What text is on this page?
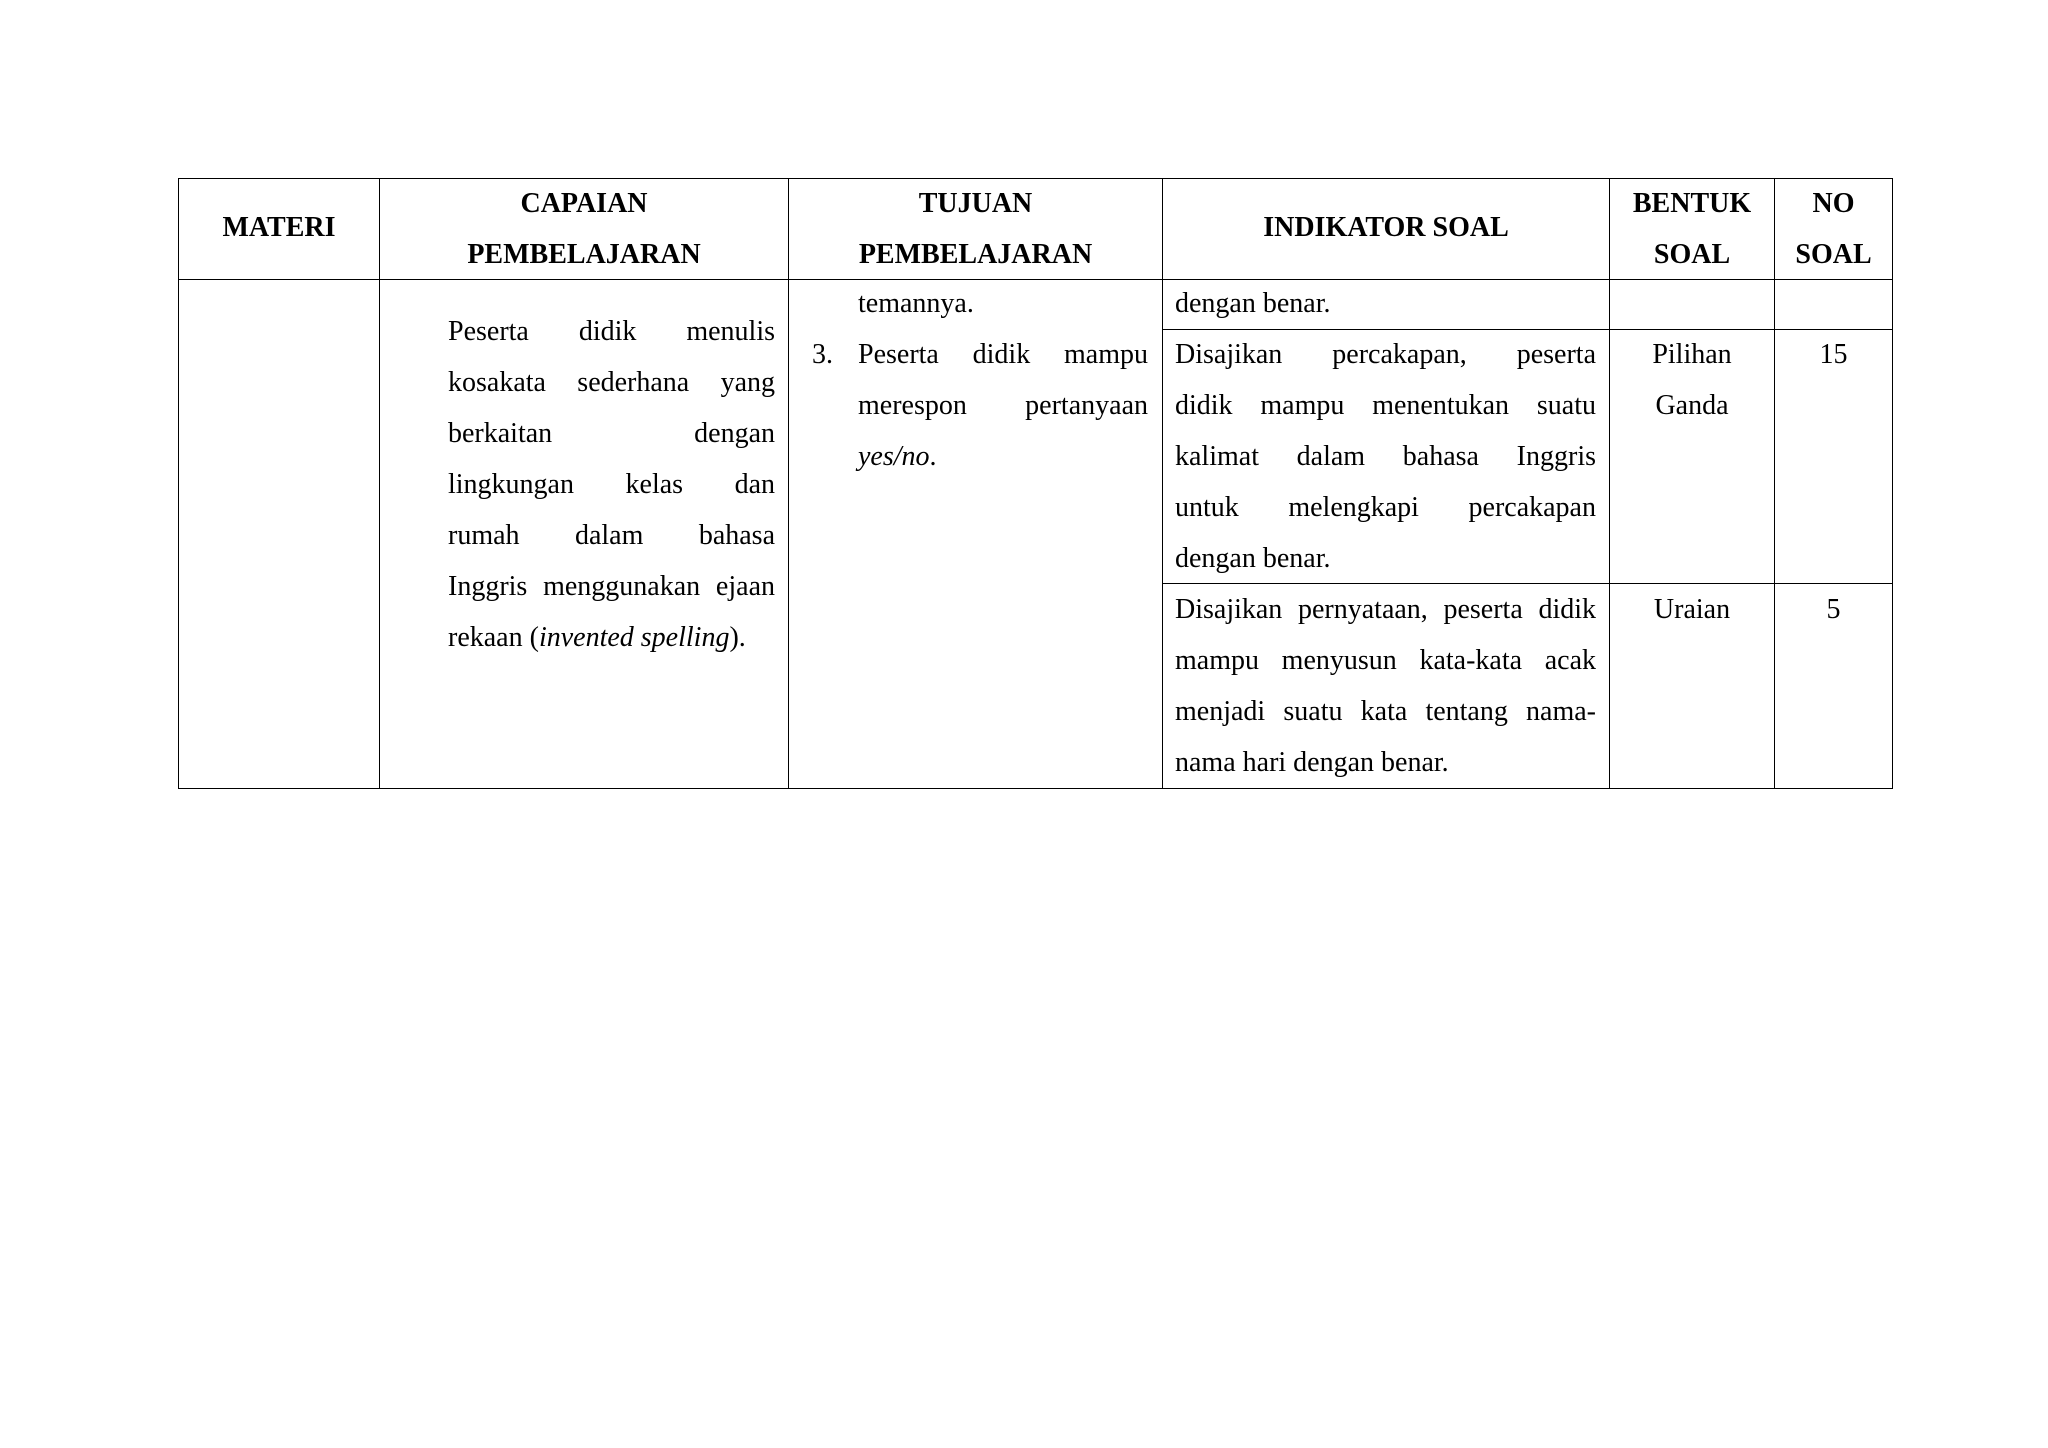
MATERI
CAPAIAN
PEMBELAJARAN
TUJUAN
PEMBELAJARAN
INDIKATOR SOAL
BENTUK
SOAL
NO
SOAL
Peserta didik menulis
kosakata sederhana yang
berkaitan dengan
lingkungan kelas dan
rumah dalam bahasa
Inggris menggunakan ejaan
rekaan (invented spelling).
temannya.
3. Peserta didik mampu
merespon pertanyaan
yes/no.
dengan benar.
Disajikan percakapan, peserta
didik mampu menentukan suatu
kalimat dalam bahasa Inggris
untuk melengkapi percakapan
dengan benar.
Pilihan
Ganda
15
Disajikan pernyataan, peserta didik
mampu menyusun kata-kata acak
menjadi suatu kata tentang nama-
nama hari dengan benar.
Uraian	5
